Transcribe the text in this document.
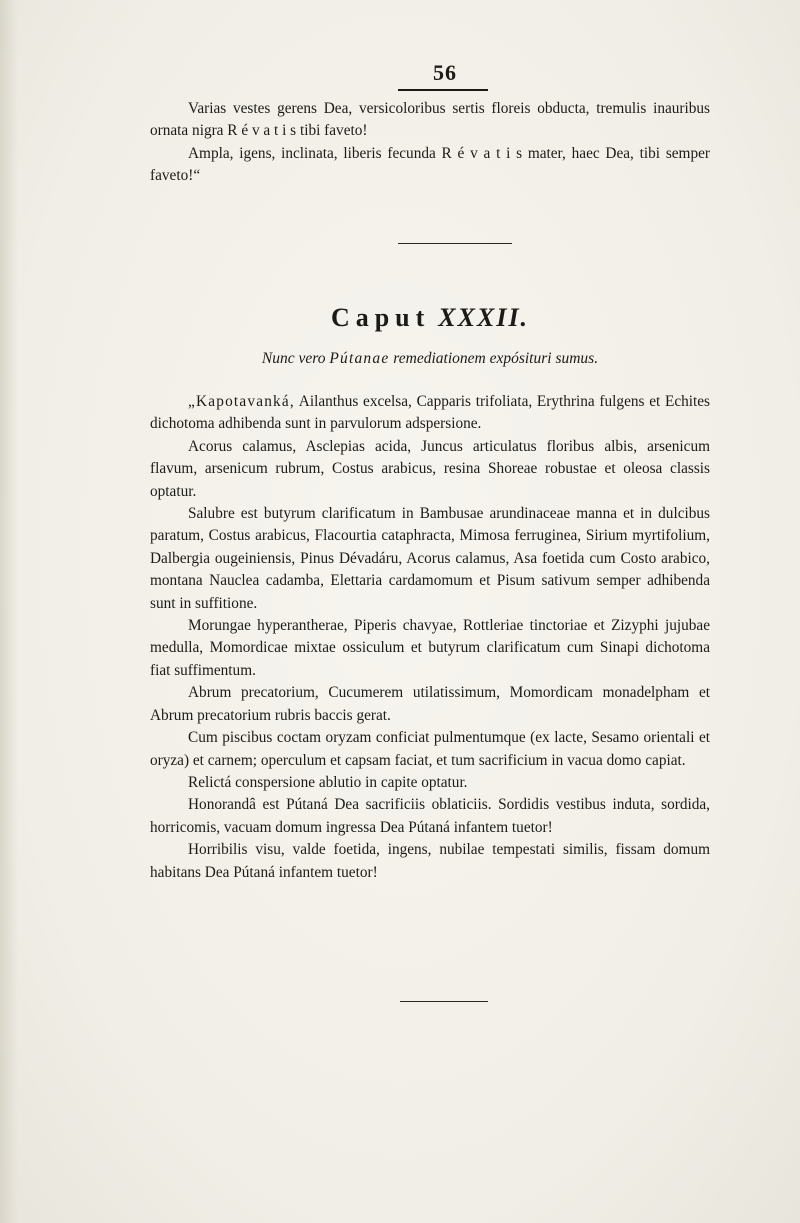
56

Varias vestes gerens Dea, versicoloribus sertis floreis obducta, tremulis inauribus ornata nigra R é v a t i s tibi faveto!

Ampla, igens, inclinata, liberis fecunda R é v a t i s mater, haec Dea, tibi semper faveto!“

Caput XXXII.
Nunc vero Pútanae remediationem expósituri sumus.

„Kapotavanká, Ailanthus excelsa, Capparis trifoliata, Erythrina fulgens et Echites dichotoma adhibenda sunt in parvulorum adspersione.

Acorus calamus, Asclepias acida, Juncus articulatus floribus albis, arsenicum flavum, arsenicum rubrum, Costus arabicus, resina Shoreae robustae et oleosa classis optatur.

Salubre est butyrum clarificatum in Bambusae arundinaceae manna et in dulcibus paratum, Costus arabicus, Flacourtia cataphracta, Mimosa ferruginea, Sirium myrtifolium, Dalbergia ougeiniensis, Pinus Dévadáru, Acorus calamus, Asa foetida cum Costo arabico, montana Nauclea cadamba, Elettaria cardamomum et Pisum sativum semper adhibenda sunt in suffitione.

Morungae hyperantherae, Piperis chavyae, Rottleriae tinctoriae et Zizyphi jujubae medulla, Momordicae mixtae ossiculum et butyrum clarificatum cum Sinapi dichotoma fiat suffimentum.

Abrum precatorium, Cucumerem utilatissimum, Momordicam monadelpham et Abrum precatorium rubris baccis gerat.

Cum piscibus coctam oryzam conficiat pulmentumque (ex lacte, Sesamo orientali et oryza) et carnem; operculum et capsam faciat, et tum sacrificium in vacua domo capiat.

Relictá conspersione ablutio in capite optatur.

Honorandâ est Pútaná Dea sacrificiis oblaticiis. Sordidis vestibus induta, sordida, horricomis, vacuam domum ingressa Dea Pútaná infantem tuetor!

Horribilis visu, valde foetida, ingens, nubilae tempestati similis, fissam domum habitans Dea Pútaná infantem tuetor!
